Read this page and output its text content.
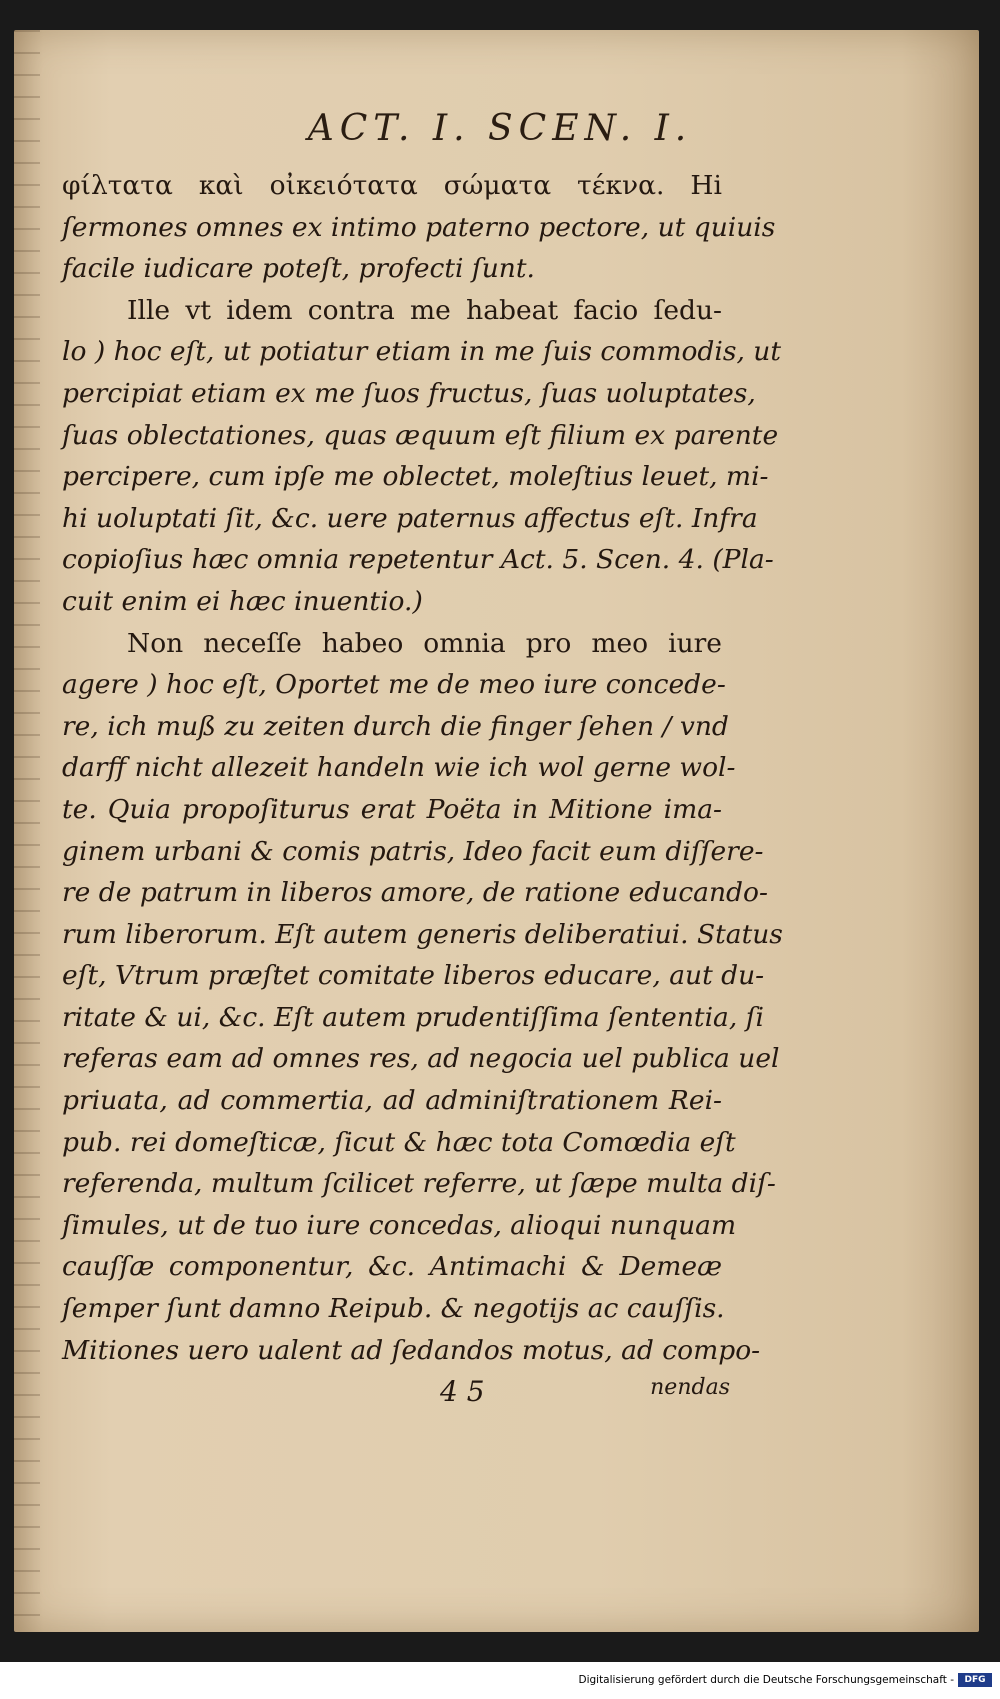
ACT. I. SCEN. I.
φίλτατα καὶ οἰκειότατα σώματα τέκνα. Hi
ſermones omnes ex intimo paterno pectore, ut quiuis
facile iudicare poteſt, profecti ſunt.
Ille vt idem contra me habeat facio ſedu-
lo ) hoc eſt, ut potiatur etiam in me ſuis commodis, ut
percipiat etiam ex me ſuos fructus, ſuas uoluptates,
ſuas oblectationes, quas æquum eſt filium ex parente
percipere, cum ipſe me oblectet, moleſtius leuet, mi-
hi uoluptati ſit, &c. uere paternus affectus eſt. Infra
copioſius hæc omnia repetentur Act. 5. Scen. 4. (Pla-
cuit enim ei hæc inuentio.)
Non neceſſe habeo omnia pro meo iure
agere ) hoc eſt, Oportet me de meo iure concede-
re, ich muß zu zeiten durch die finger ſehen / vnd
darff nicht allezeit handeln wie ich wol gerne wol-
te. Quia propoſiturus erat Poëta in Mitione ima-
ginem urbani & comis patris, Ideo facit eum diſſere-
re de patrum in liberos amore, de ratione educando-
rum liberorum. Eſt autem generis deliberatiui. Status
eſt, Vtrum præſtet comitate liberos educare, aut du-
ritate & ui, &c. Eſt autem prudentiſſima ſententia, ſi
referas eam ad omnes res, ad negocia uel publica uel
priuata, ad commertia, ad adminiſtrationem Rei-
pub. rei domeſticæ, ſicut & hæc tota Comœdia eſt
referenda, multum ſcilicet referre, ut ſæpe multa diſ-
ſimules, ut de tuo iure concedas, alioqui nunquam
cauſſæ componentur, &c. Antimachi & Demeæ
ſemper ſunt damno Reipub. & negotijs ac cauſſis.
Mitiones uero ualent ad ſedandos motus, ad compo-
4 5	nendas
Digitalisierung gefördert durch die Deutsche Forschungsgemeinschaft -	DFG
